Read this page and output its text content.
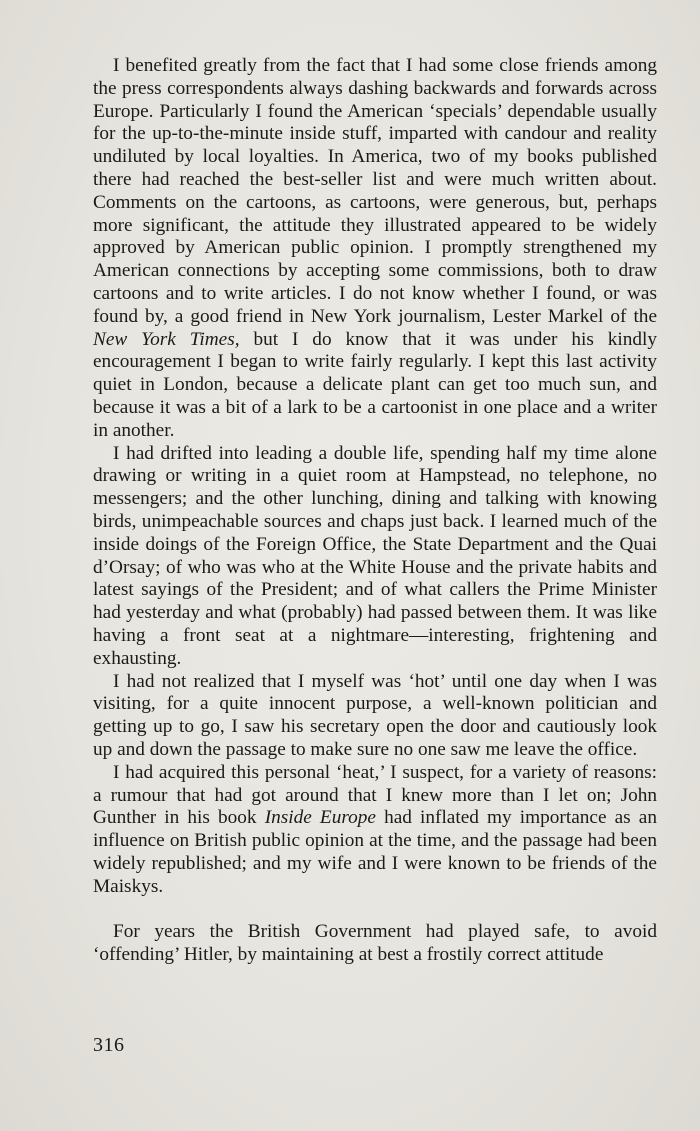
I benefited greatly from the fact that I had some close friends among the press correspondents always dashing backwards and forwards across Europe. Particularly I found the American ‘specials’ dependable usually for the up-to-the-minute inside stuff, imparted with candour and reality undiluted by local loyalties. In America, two of my books published there had reached the best-seller list and were much written about. Comments on the cartoons, as cartoons, were generous, but, perhaps more significant, the attitude they illustrated appeared to be widely approved by American public opinion. I promptly strengthened my American connections by accepting some commissions, both to draw cartoons and to write articles. I do not know whether I found, or was found by, a good friend in New York journalism, Lester Markel of the New York Times, but I do know that it was under his kindly encouragement I began to write fairly regularly. I kept this last activity quiet in London, because a delicate plant can get too much sun, and because it was a bit of a lark to be a cartoonist in one place and a writer in another.

I had drifted into leading a double life, spending half my time alone drawing or writing in a quiet room at Hampstead, no telephone, no messengers; and the other lunching, dining and talking with knowing birds, unimpeachable sources and chaps just back. I learned much of the inside doings of the Foreign Office, the State Department and the Quai d’Orsay; of who was who at the White House and the private habits and latest sayings of the President; and of what callers the Prime Minister had yesterday and what (probably) had passed between them. It was like having a front seat at a nightmare—interesting, frightening and exhausting.

I had not realized that I myself was ‘hot’ until one day when I was visiting, for a quite innocent purpose, a well-known politician and getting up to go, I saw his secretary open the door and cautiously look up and down the passage to make sure no one saw me leave the office.

I had acquired this personal ‘heat,’ I suspect, for a variety of reasons: a rumour that had got around that I knew more than I let on; John Gunther in his book Inside Europe had inflated my importance as an influence on British public opinion at the time, and the passage had been widely republished; and my wife and I were known to be friends of the Maiskys.

For years the British Government had played safe, to avoid ‘offending’ Hitler, by maintaining at best a frostily correct attitude

316
